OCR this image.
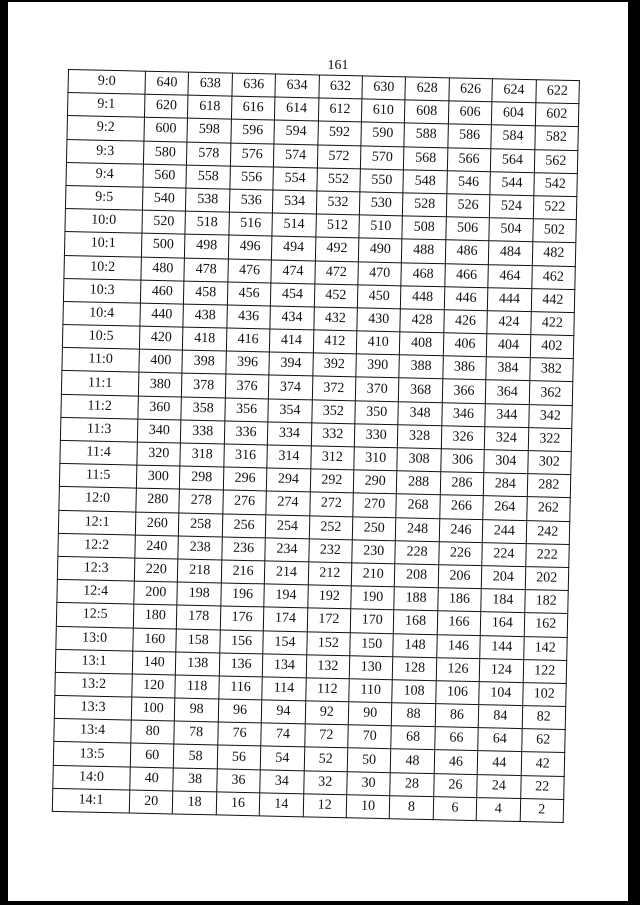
161
9:0	640	638	636	634	632	630	628	626	624	622
9:1	620	618	616	614	612	610	608	606	604	602
9:2	600	598	596	594	592	590	588	586	584	582
9:3	580	578	576	574	572	570	568	566	564	562
9:4	560	558	556	554	552	550	548	546	544	542
9:5	540	538	536	534	532	530	528	526	524	522
10:0	520	518	516	514	512	510	508	506	504	502
10:1	500	498	496	494	492	490	488	486	484	482
10:2	480	478	476	474	472	470	468	466	464	462
10:3	460	458	456	454	452	450	448	446	444	442
10:4	440	438	436	434	432	430	428	426	424	422
10:5	420	418	416	414	412	410	408	406	404	402
11:0	400	398	396	394	392	390	388	386	384	382
11:1	380	378	376	374	372	370	368	366	364	362
11:2	360	358	356	354	352	350	348	346	344	342
11:3	340	338	336	334	332	330	328	326	324	322
11:4	320	318	316	314	312	310	308	306	304	302
11:5	300	298	296	294	292	290	288	286	284	282
12:0	280	278	276	274	272	270	268	266	264	262
12:1	260	258	256	254	252	250	248	246	244	242
12:2	240	238	236	234	232	230	228	226	224	222
12:3	220	218	216	214	212	210	208	206	204	202
12:4	200	198	196	194	192	190	188	186	184	182
12:5	180	178	176	174	172	170	168	166	164	162
13:0	160	158	156	154	152	150	148	146	144	142
13:1	140	138	136	134	132	130	128	126	124	122
13:2	120	118	116	114	112	110	108	106	104	102
13:3	100	98	96	94	92	90	88	86	84	82
13:4	80	78	76	74	72	70	68	66	64	62
13:5	60	58	56	54	52	50	48	46	44	42
14:0	40	38	36	34	32	30	28	26	24	22
14:1	20	18	16	14	12	10	8	6	4	2
